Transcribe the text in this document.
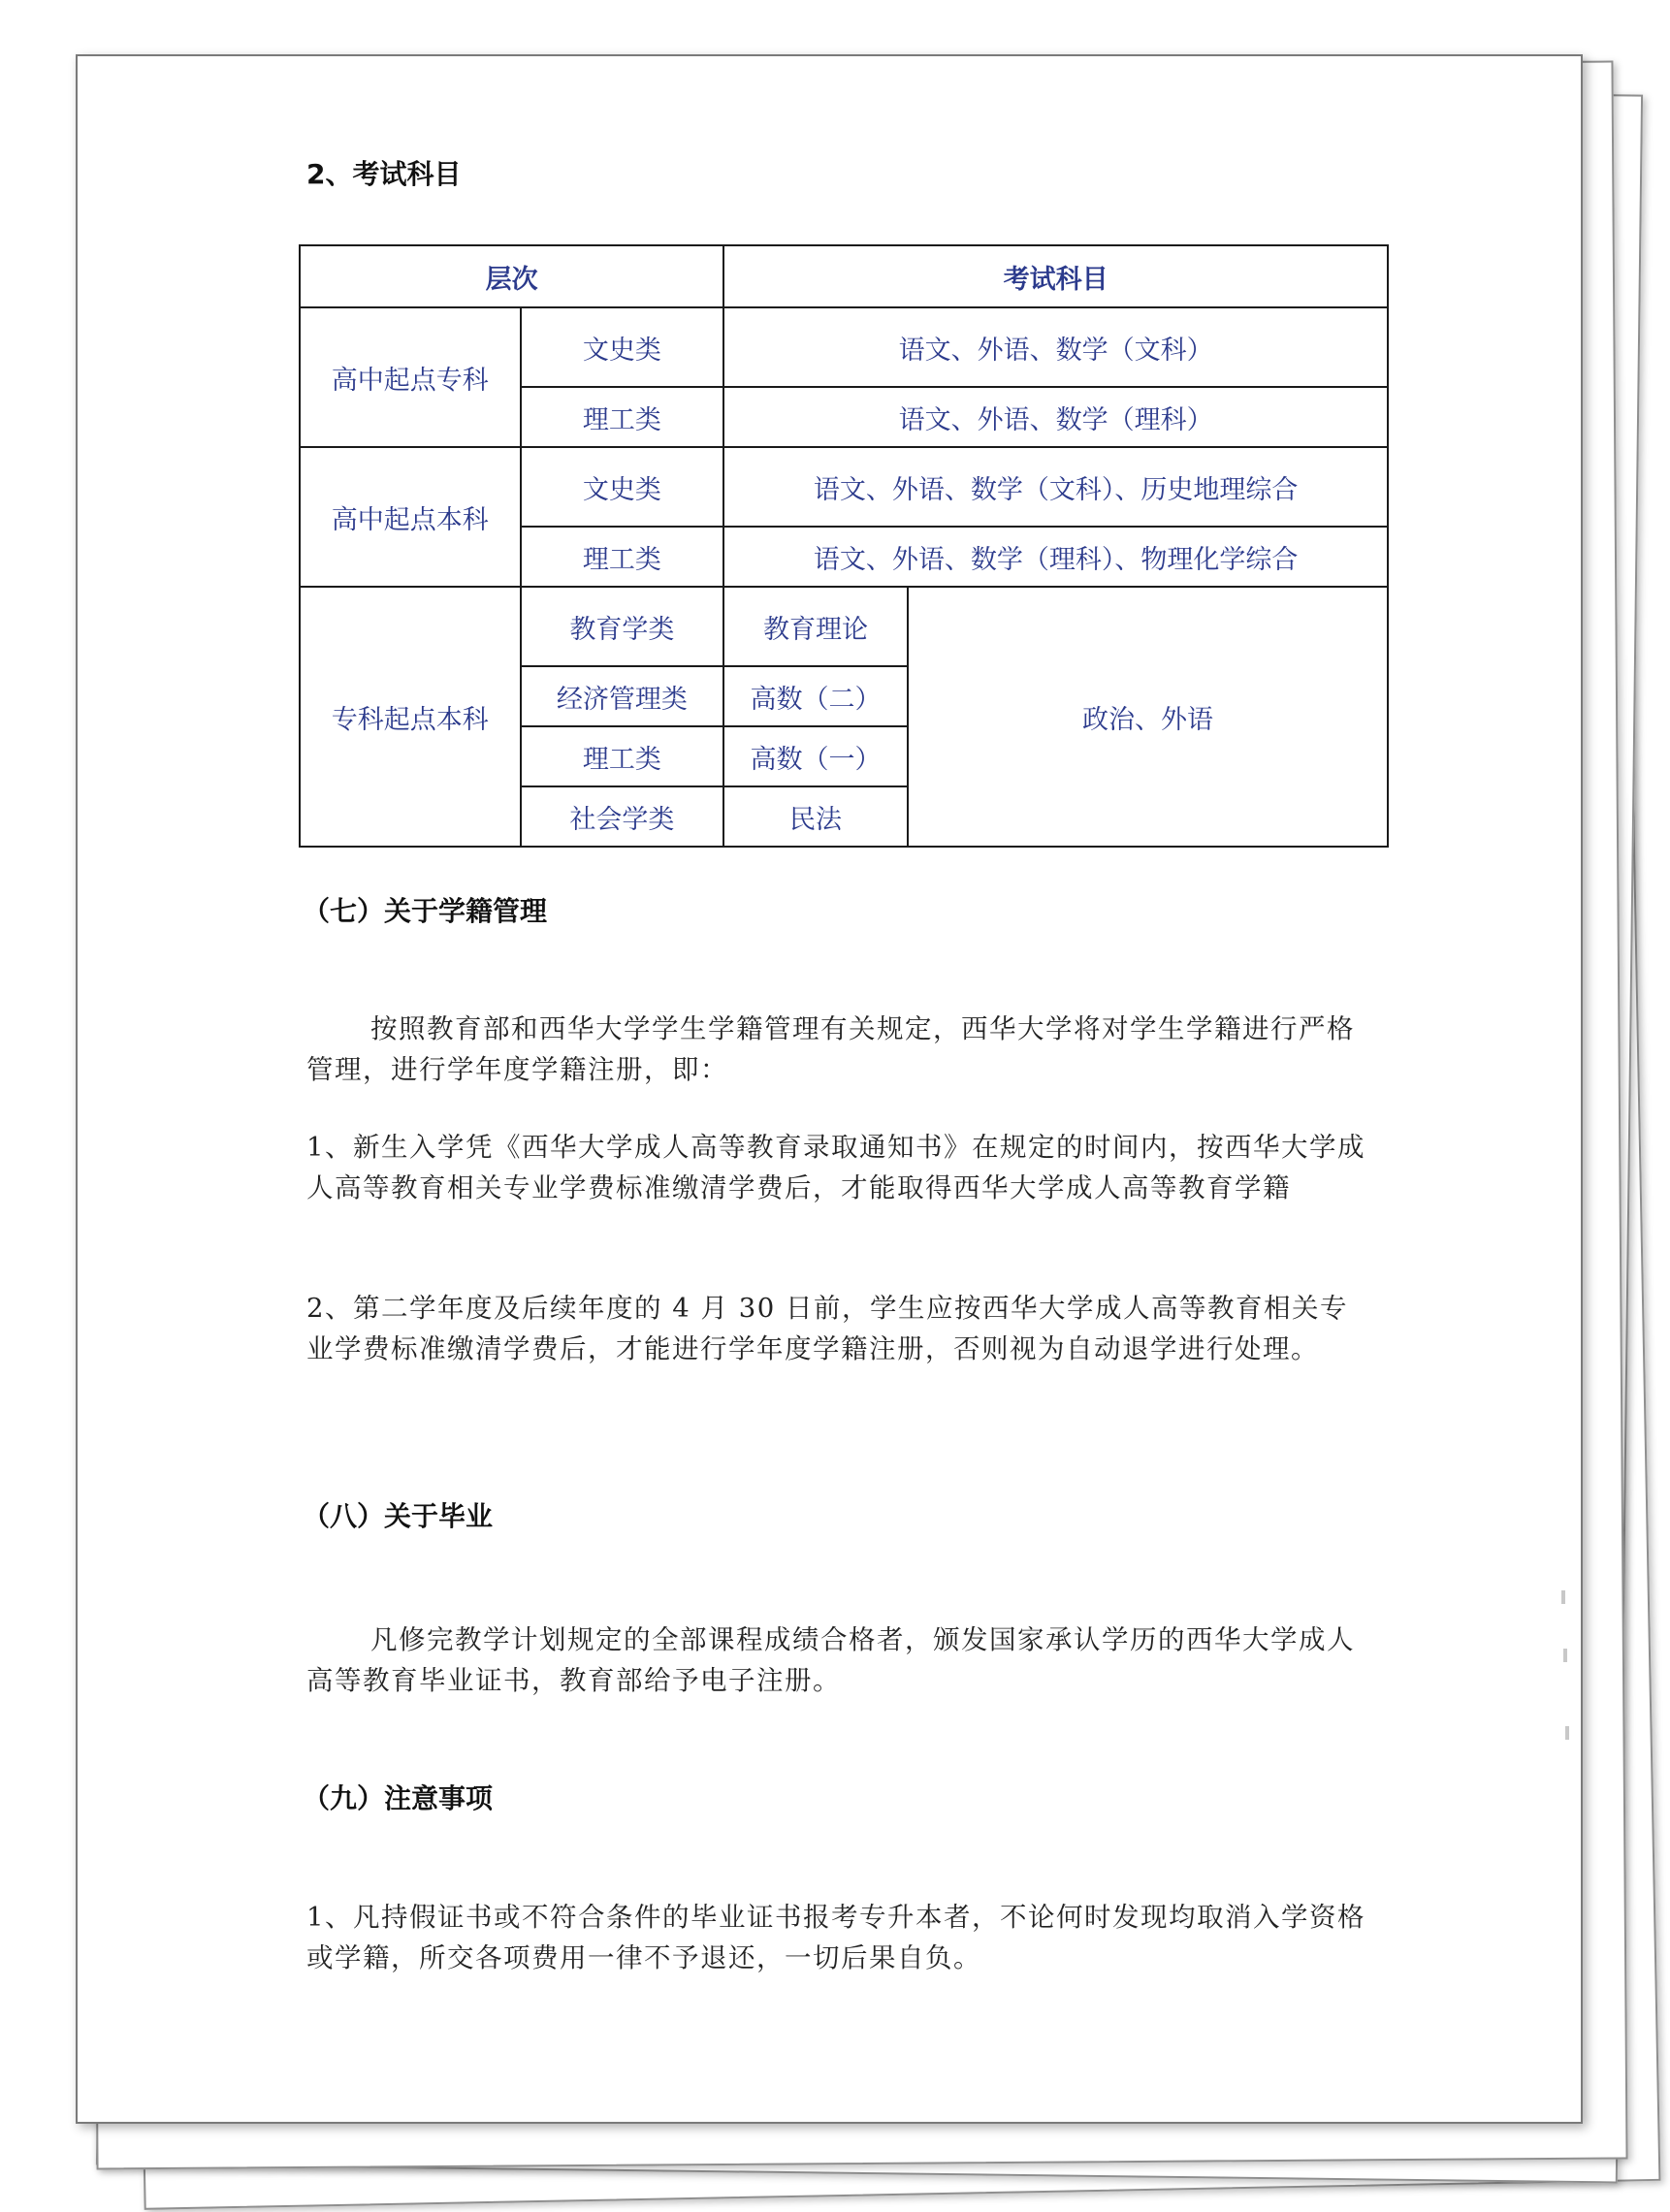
2、考试科目
层次		考试科目	
高中起点专科	文史类	语文、外语、数学（文科）	
	理工类	语文、外语、数学（理科）	
高中起点本科	文史类	语文、外语、数学（文科）、历史地理综合	
	理工类	语文、外语、数学（理科）、物理化学综合	
专科起点本科	教育学类	教育理论	政治、外语
	经济管理类	高数（二）	
	理工类	高数（一）	
	社会学类	民法	
（七）关于学籍管理

按照教育部和西华大学学生学籍管理有关规定，西华大学将对学生学籍进行严格管理，进行学年度学籍注册，即：

1、新生入学凭《西华大学成人高等教育录取通知书》在规定的时间内，按西华大学成人高等教育相关专业学费标准缴清学费后，才能取得西华大学成人高等教育学籍

2、第二学年度及后续年度的 4 月 30 日前，学生应按西华大学成人高等教育相关专业学费标准缴清学费后，才能进行学年度学籍注册，否则视为自动退学进行处理。

（八）关于毕业

凡修完教学计划规定的全部课程成绩合格者，颁发国家承认学历的西华大学成人高等教育毕业证书，教育部给予电子注册。

（九）注意事项

1、凡持假证书或不符合条件的毕业证书报考专升本者，不论何时发现均取消入学资格或学籍，所交各项费用一律不予退还，一切后果自负。
